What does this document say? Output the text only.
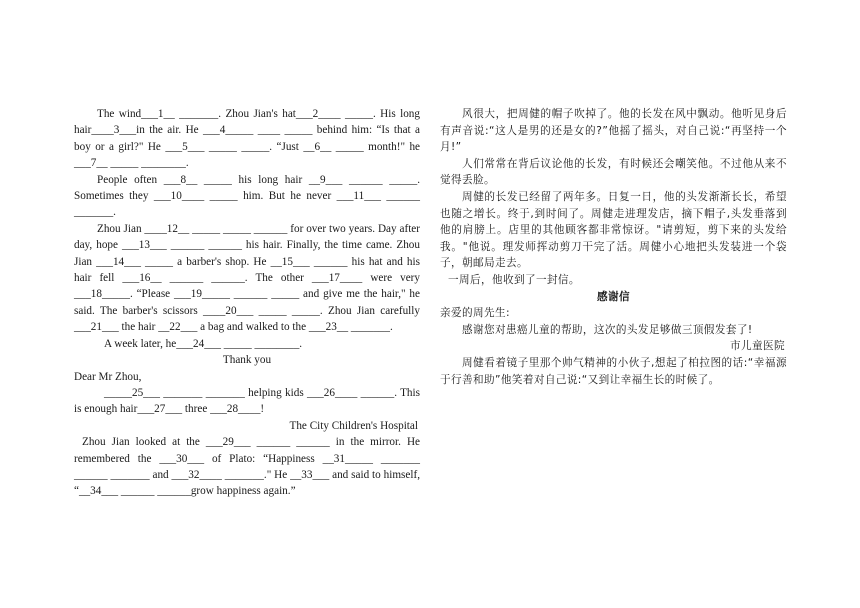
The wind___1__ _______. Zhou Jian's hat___2____ _____. His long hair____3___in the air. He ___4_____ ____ _____ behind him: “Is that a boy or a girl?" He ___5___ _____ _____. “Just __6__ _____ month!" he ___7__ _____ ________.

People often ___8__ _____ his long hair __9___ ______ _____. Sometimes they ___10____ _____ him. But he never ___11___ ______ _______.

Zhou Jian ____12__ _____ _____ ______ for over two years. Day after day, hope ___13___ ______ ______ his hair. Finally, the time came. Zhou Jian ___14___ _____ a barber's shop. He __15___ ______ his hat and his hair fell ___16__ ______ ______. The other ___17____ were very ___18_____. “Please ___19_____ ______ _____ and give me the hair," he said. The barber's scissors ____20___ _____ _____. Zhou Jian carefully ___21___ the hair __22___ a bag and walked to the ___23__ _______.

A week later, he___24___ _____ ________.

Thank you

Dear Mr Zhou,

_____25___ _______ _______ helping kids ___26____ ______. This is enough hair___27___ three ___28____!

The City Children's Hospital

Zhou Jian looked at the ___29___ ______ ______ in the mirror. He remembered the ___30___ of Plato: “Happiness __31_____ _______ ______ _______ and ___32____ _______." He __33___ and said to himself, “__34___ ______ ______grow happiness again.”

风很大，把周健的帽子吹掉了。他的长发在风中飘动。他听见身后有声音说:“这人是男的还是女的?”他摇了摇头，对自己说:“再坚持一个月!”

人们常常在背后议论他的长发，有时候还会嘲笑他。不过他从来不觉得丢脸。

周健的长发已经留了两年多。日复一日，他的头发渐渐长长，希望也随之增长。终于,到时间了。周健走进理发店，摘下帽子,头发垂落到他的肩膀上。店里的其他顾客都非常惊讶。"请剪短，剪下来的头发给我。"他说。理发师挥动剪刀干完了活。周健小心地把头发装进一个袋子，朝邮局走去。

一周后，他收到了一封信。

感谢信

亲爱的周先生:

感谢您对患癌儿童的帮助，这次的头发足够做三顶假发套了!

市儿童医院

周健看着镜子里那个帅气精神的小伙子,想起了柏拉图的话:“幸福源于行善和助”他笑着对自己说:“又到让幸福生长的时候了。
